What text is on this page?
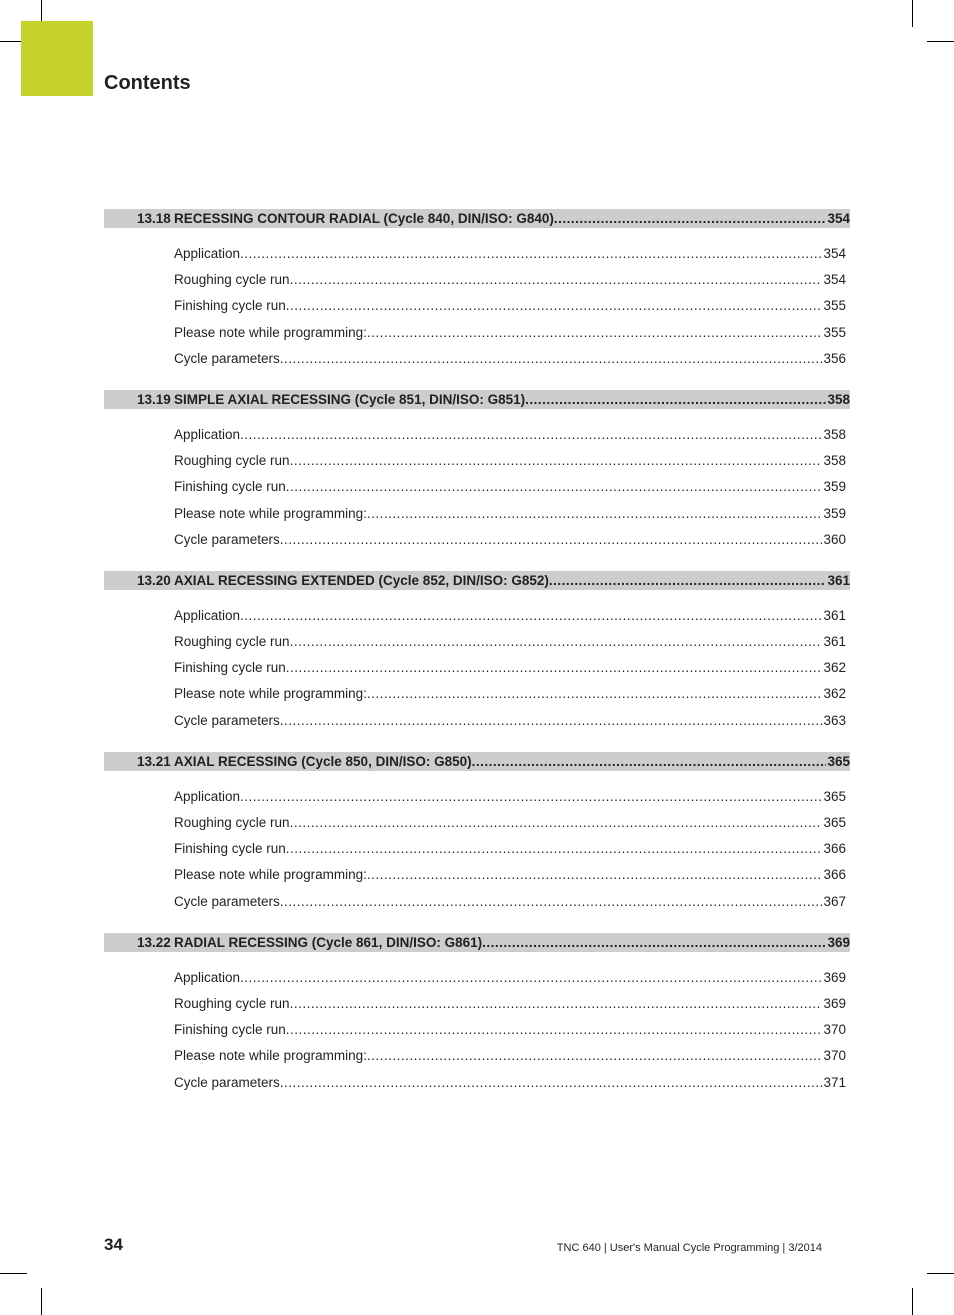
Contents
13.18 RECESSING CONTOUR RADIAL (Cycle 840, DIN/ISO: G840) .....	354
Application .....	354
Roughing cycle run .....	354
Finishing cycle run .....	355
Please note while programming: .....	355
Cycle parameters .....	356
13.19 SIMPLE AXIAL RECESSING (Cycle 851, DIN/ISO: G851) .....	358
Application .....	358
Roughing cycle run .....	358
Finishing cycle run .....	359
Please note while programming: .....	359
Cycle parameters .....	360
13.20 AXIAL RECESSING EXTENDED (Cycle 852, DIN/ISO: G852) .....	361
Application .....	361
Roughing cycle run .....	361
Finishing cycle run .....	362
Please note while programming: .....	362
Cycle parameters .....	363
13.21 AXIAL RECESSING (Cycle 850, DIN/ISO: G850) .....	365
Application .....	365
Roughing cycle run .....	365
Finishing cycle run .....	366
Please note while programming: .....	366
Cycle parameters .....	367
13.22 RADIAL RECESSING (Cycle 861, DIN/ISO: G861) .....	369
Application .....	369
Roughing cycle run .....	369
Finishing cycle run .....	370
Please note while programming: .....	370
Cycle parameters .....	371
34	TNC 640 | User's Manual Cycle Programming | 3/2014
